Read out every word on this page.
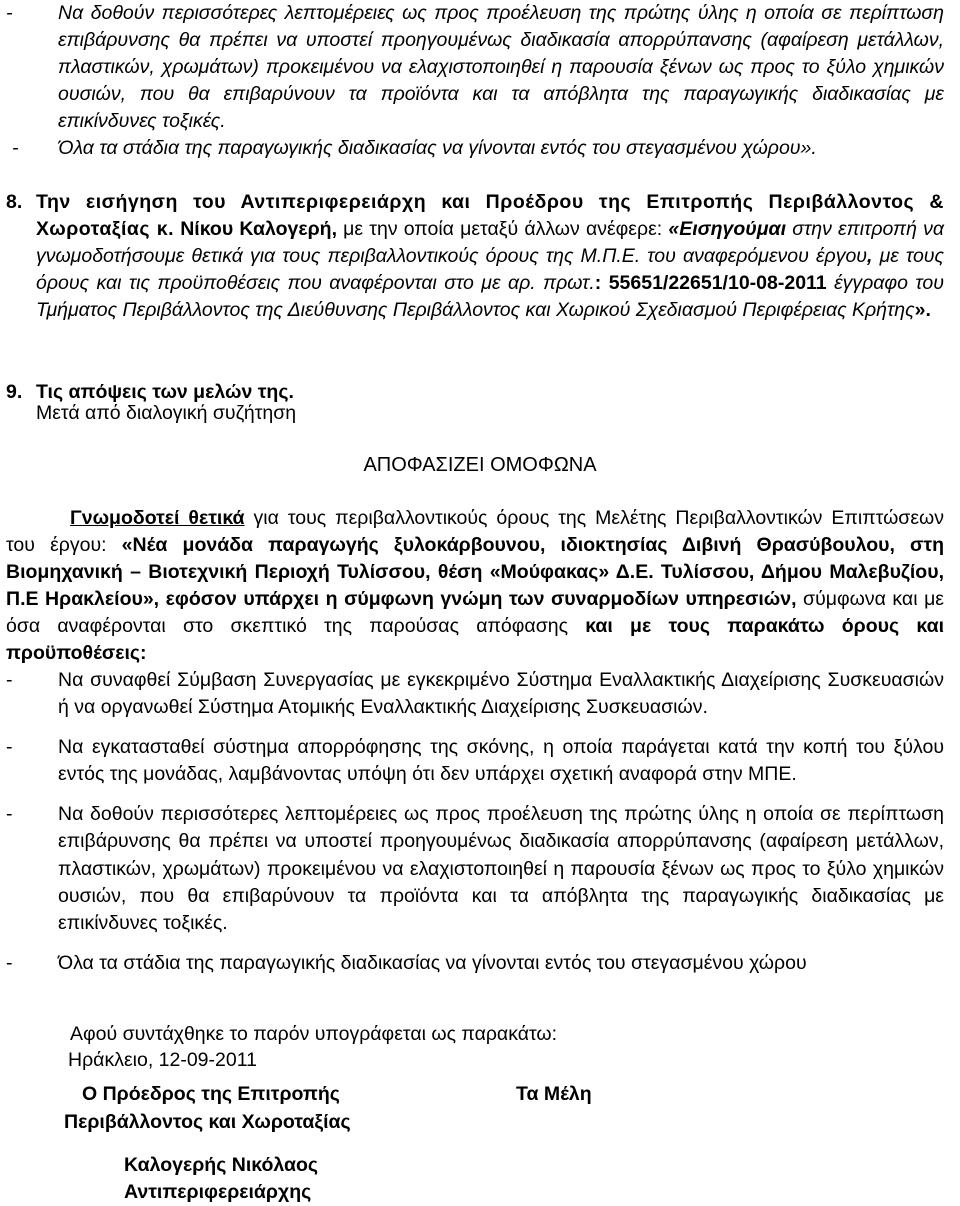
-	Να δοθούν περισσότερες λεπτομέρειες ως προς προέλευση της πρώτης ύλης η οποία σε περίπτωση επιβάρυνσης θα πρέπει να υποστεί προηγουμένως διαδικασία απορρύπανσης (αφαίρεση μετάλλων, πλαστικών, χρωμάτων) προκειμένου να ελαχιστοποιηθεί η παρουσία ξένων ως προς το ξύλο χημικών ουσιών, που θα επιβαρύνουν τα προϊόντα και τα απόβλητα της παραγωγικής διαδικασίας με επικίνδυνες τοξικές.
-	Όλα τα στάδια της παραγωγικής διαδικασίας να γίνονται εντός του στεγασμένου χώρου».
8. Την εισήγηση του Αντιπεριφερειάρχη και Προέδρου της Επιτροπής Περιβάλλοντος & Χωροταξίας κ. Νίκου Καλογερή, με την οποία μεταξύ άλλων ανέφερε: «Εισηγούμαι στην επιτροπή να γνωμοδοτήσουμε θετικά για τους περιβαλλοντικούς όρους της Μ.Π.Ε. του αναφερόμενου έργου, με τους όρους και τις προϋποθέσεις που αναφέρονται στο με αρ. πρωτ.: 55651/22651/10-08-2011 έγγραφο του Τμήματος Περιβάλλοντος της Διεύθυνσης Περιβάλλοντος και Χωρικού Σχεδιασμού Περιφέρειας Κρήτης».
9. Τις απόψεις των μελών της.
Μετά από διαλογική συζήτηση
ΑΠΟΦΑΣΙΖΕΙ ΟΜΟΦΩΝΑ
Γνωμοδοτεί θετικά για τους περιβαλλοντικούς όρους της Μελέτης Περιβαλλοντικών Επιπτώσεων του έργου: «Νέα μονάδα παραγωγής ξυλοκάρβουνου, ιδιοκτησίας Διβινή Θρασύβουλου, στη Βιομηχανική – Βιοτεχνική Περιοχή Τυλίσσου, θέση «Μούφακας» Δ.Ε. Τυλίσσου, Δήμου Μαλεβυζίου, Π.Ε Ηρακλείου», εφόσον υπάρχει η σύμφωνη γνώμη των συναρμοδίων υπηρεσιών, σύμφωνα και με όσα αναφέρονται στο σκεπτικό της παρούσας απόφασης και με τους παρακάτω όρους και προϋποθέσεις:
-	Να συναφθεί Σύμβαση Συνεργασίας με εγκεκριμένο Σύστημα Εναλλακτικής Διαχείρισης Συσκευασιών ή να οργανωθεί Σύστημα Ατομικής Εναλλακτικής Διαχείρισης Συσκευασιών.
-	Να εγκατασταθεί σύστημα απορρόφησης της σκόνης, η οποία παράγεται κατά την κοπή του ξύλου εντός της μονάδας, λαμβάνοντας υπόψη ότι δεν υπάρχει σχετική αναφορά στην ΜΠΕ.
-	Να δοθούν περισσότερες λεπτομέρειες ως προς προέλευση της πρώτης ύλης η οποία σε περίπτωση επιβάρυνσης θα πρέπει να υποστεί προηγουμένως διαδικασία απορρύπανσης (αφαίρεση μετάλλων, πλαστικών, χρωμάτων) προκειμένου να ελαχιστοποιηθεί η παρουσία ξένων ως προς το ξύλο χημικών ουσιών, που θα επιβαρύνουν τα προϊόντα και τα απόβλητα της παραγωγικής διαδικασίας με επικίνδυνες τοξικές.
-	Όλα τα στάδια της παραγωγικής διαδικασίας να γίνονται εντός του στεγασμένου χώρου
Αφού συντάχθηκε το παρόν υπογράφεται ως παρακάτω:
Ηράκλειο, 12-09-2011
Ο Πρόεδρος της Επιτροπής
Περιβάλλοντος και Χωροταξίας
Τα Μέλη
Καλογερής Νικόλαος
Αντιπεριφερειάρχης
